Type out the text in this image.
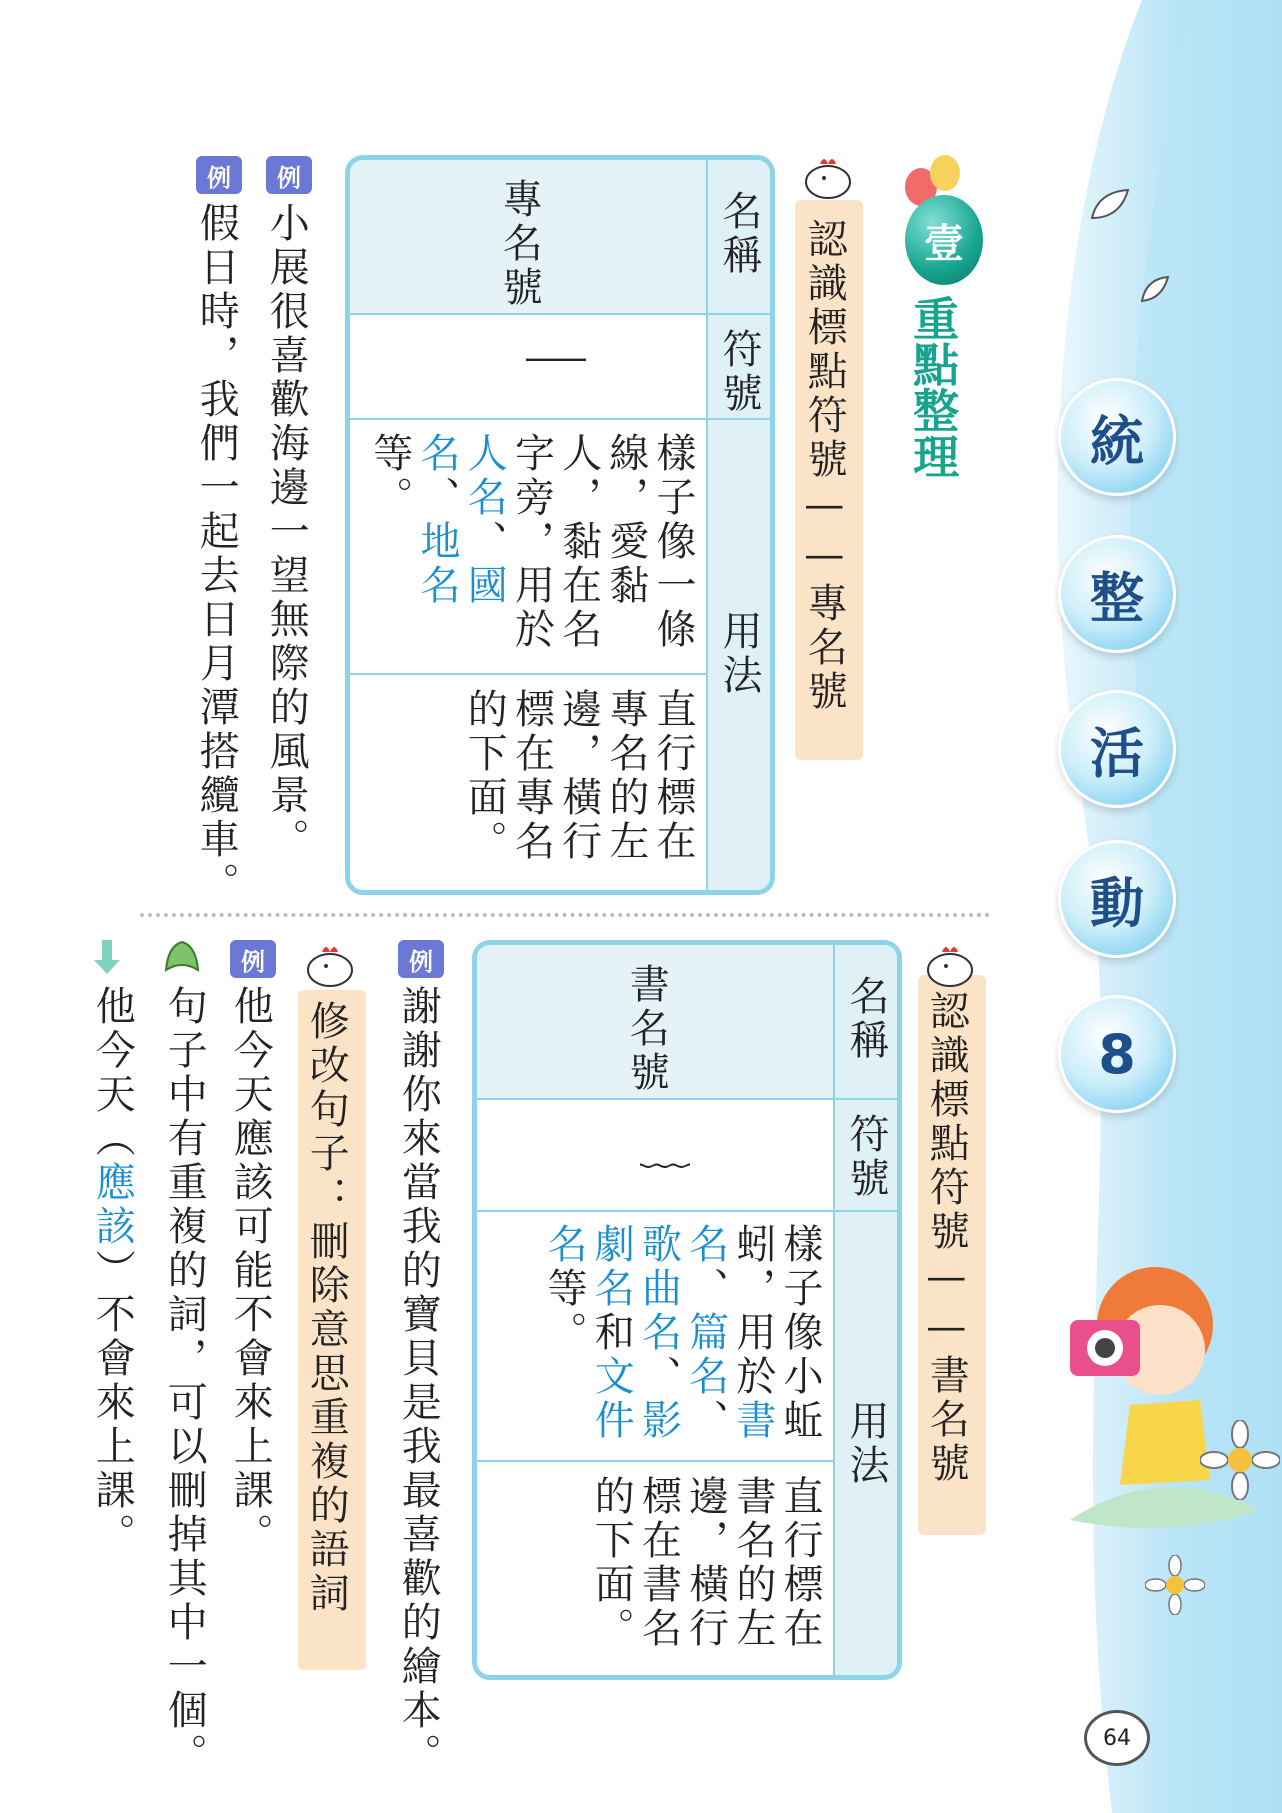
統
整
活
動
8
64
壹
重點整理
認識標點符號——專名號
名稱
符號
用法
專名號
｜
樣子像一條線，愛黏人，黏在名字旁，用於人名、國名、地名等。
直行標在專名的左邊，橫行標在專名的下面。
例
例
小展很喜歡海邊一望無際的風景。
假日時，我們一起去日月潭搭纜車。
認識標點符號——書名號
名稱
符號
用法
書名號
﹏
樣子像小蚯蚓，用於書名、篇名、歌曲名、影劇名和文件名等。
直行標在書名的左邊，橫行標在書名的下面。
例
謝謝你來當我的寶貝是我最喜歡的繪本。
修改句子：刪除意思重複的語詞
例
他今天應該可能不會來上課。
句子中有重複的詞，可以刪掉其中一個。
他今天（應該）不會來上課。
